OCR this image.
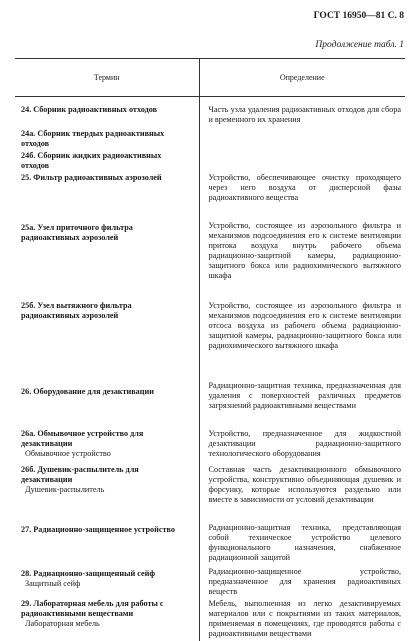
ГОСТ 16950—81 С. 8
Продолжение табл. 1
Термин	Определение

24. Сборник радиоактивных отходов	Часть узла удаления радиоактивных отходов для сбора и временного их хранения

24а. Сборник твердых радиоактивных отходов	

24б. Сборник жидких радиоактивных отходов	

25. Фильтр радиоактивных аэрозолей	Устройство, обеспечивающее очистку проходящего через него воздуха от дисперсной фазы радиоактивного вещества

25а. Узел приточного фильтра радиоактивных аэрозолей	Устройство, состоящее из аэрозольного фильтра и механизмов подсоединения его к системе вентиляции притока воздуха внутрь рабочего объема радиационно-защитной камеры, радиационно-защитного бокса или радиохимического вытяжного шкафа

25б. Узел вытяжного фильтра радиоактивных аэрозолей	Устройство, состоящее из аэрозольного фильтра и механизмов подсоединения его к системе вентиляции отсоса воздуха из рабочего объема радиационно-защитной камеры, радиационно-защитного бокса или радиохимического вытяжного шкафа

26. Оборудование для дезактивации	Радиационно-защитная техника, предназначенная для удаления с поверхностей различных предметов загрязнений радиоактивными веществами

26а. Обмывочное устройство для дезактивации

Обмывочное устройство	Устройство, предназначенное для жидкостной дезактивации радиационно-защитного технологического оборудования

26б. Душевик-распылитель для дезактивации

Душевик-распылитель	Составная часть дезактивационного обмывочного устройства, конструктивно объединяющая душевик и форсунку, которые используются раздельно или вместе в зависимости от условий дезактивации

27. Радиационно-защищенное устройство	Радиационно-защитная техника, представляющая собой техническое устройство целевого функционального назначения, снабженное радиационной защитой

28. Радиационно-защищенный сейф

Защитный сейф	Радиационно-защищенное устройство, предназначенное для хранения радиоактивных веществ

29. Лабораторная мебель для работы с радиоактивными веществами

Лабораторная мебель	Мебель, выполненная из легко дезактивируемых материалов или с покрытиями из таких материалов, применяемая в помещениях, где проводятся работы с радиоактивными веществами
